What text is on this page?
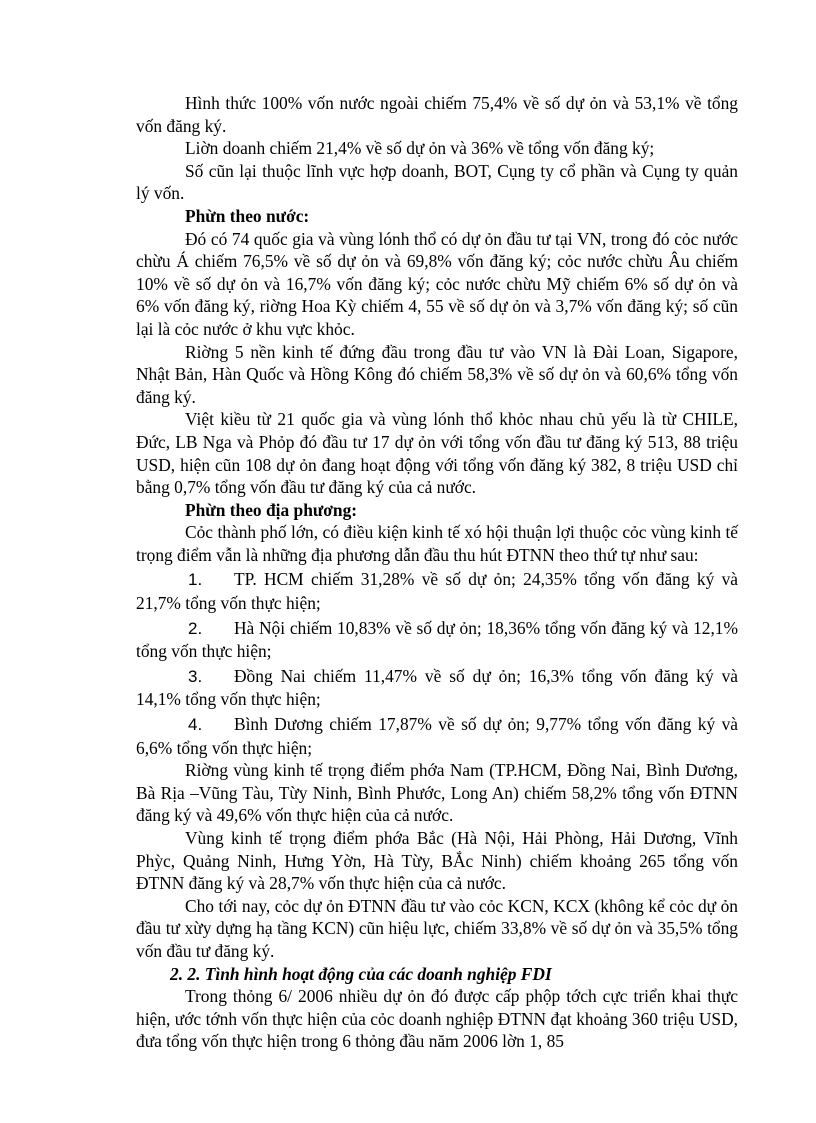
Hình thức 100% vốn nước ngoài chiếm 75,4% về số dự ỏn và 53,1% về tổng vốn đăng ký.

Liờn doanh chiếm 21,4% về số dự ỏn và 36% về tổng vốn đăng ký;

Số cũn lại thuộc lĩnh vực hợp doanh, BOT, Cụng ty cổ phần và Cụng ty quản lý vốn.

Phừn theo nước:

Đó có 74 quốc gia và vùng lónh thổ có dự ỏn đầu tư tại VN, trong đó cỏc nước chừu Á chiếm 76,5% về số dự ỏn và 69,8% vốn đăng ký; cỏc nước chừu Âu chiếm 10% về số dự ỏn và 16,7% vốn đăng ký; cỏc nước chừu Mỹ chiếm 6% số dự ỏn và 6% vốn đăng ký, riờng Hoa Kỳ chiếm 4, 55 về số dự ỏn và 3,7% vốn đăng ký; số cũn lại là cỏc nước ở khu vực khỏc.

Riờng 5 nền kinh tế đứng đầu trong đầu tư vào VN là Đài Loan, Sigapore, Nhật Bản, Hàn Quốc và Hồng Kông đó chiếm 58,3% về số dự ỏn và 60,6% tổng vốn đăng ký.

Việt kiều từ 21 quốc gia và vùng lónh thổ khỏc nhau chủ yếu là từ CHILE, Đức, LB Nga và Phỏp đó đầu tư 17 dự ỏn với tổng vốn đầu tư đăng ký 513, 88 triệu USD, hiện cũn 108 dự ỏn đang hoạt động với tổng vốn đăng ký 382, 8 triệu USD chỉ bằng 0,7% tổng vốn đầu tư đăng ký của cả nước.

Phừn theo địa phương:

Cỏc thành phố lớn, có điều kiện kinh tế xó hội thuận lợi thuộc cỏc vùng kinh tế trọng điểm vẫn là những địa phương dẫn đầu thu hút ĐTNN theo thứ tự như sau:

1. TP. HCM chiếm 31,28% về số dự ỏn; 24,35% tổng vốn đăng ký và 21,7% tổng vốn thực hiện;

2. Hà Nội chiếm 10,83% về số dự ỏn; 18,36% tổng vốn đăng ký và 12,1% tổng vốn thực hiện;

3. Đồng Nai chiếm 11,47% về số dự ỏn; 16,3% tổng vốn đăng ký và 14,1% tổng vốn thực hiện;

4. Bình Dương chiếm 17,87% về số dự ỏn; 9,77% tổng vốn đăng ký và 6,6% tổng vốn thực hiện;

Riờng vùng kinh tế trọng điểm phớa Nam (TP.HCM, Đồng Nai, Bình Dương, Bà Rịa –Vũng Tàu, Từy Ninh, Bình Phước, Long An) chiếm 58,2% tổng vốn ĐTNN đăng ký và 49,6% vốn thực hiện của cả nước.

Vùng kinh tế trọng điểm phớa Bắc (Hà Nội, Hải Phòng, Hải Dương, Vĩnh Phỳc, Quảng Ninh, Hưng Yờn, Hà Từy, BẮc Ninh) chiếm khoảng 265 tổng vốn ĐTNN đăng ký và 28,7% vốn thực hiện của cả nước.

Cho tới nay, cỏc dự ỏn ĐTNN đầu tư vào cỏc KCN, KCX (không kể cỏc dự ỏn đầu tư xừy dựng hạ tầng KCN) cũn hiệu lực, chiếm 33,8% về số dự ỏn và 35,5% tổng vốn đầu tư đăng ký.

2. 2. Tình hình hoạt động của các doanh nghiệp FDI

Trong thỏng 6/ 2006 nhiều dự ỏn đó được cấp phộp tớch cực triển khai thực hiện, ước tớnh vốn thực hiện của cỏc doanh nghiệp ĐTNN đạt khoảng 360 triệu USD, đưa tổng vốn thực hiện trong 6 thỏng đầu năm 2006 lờn 1, 85
